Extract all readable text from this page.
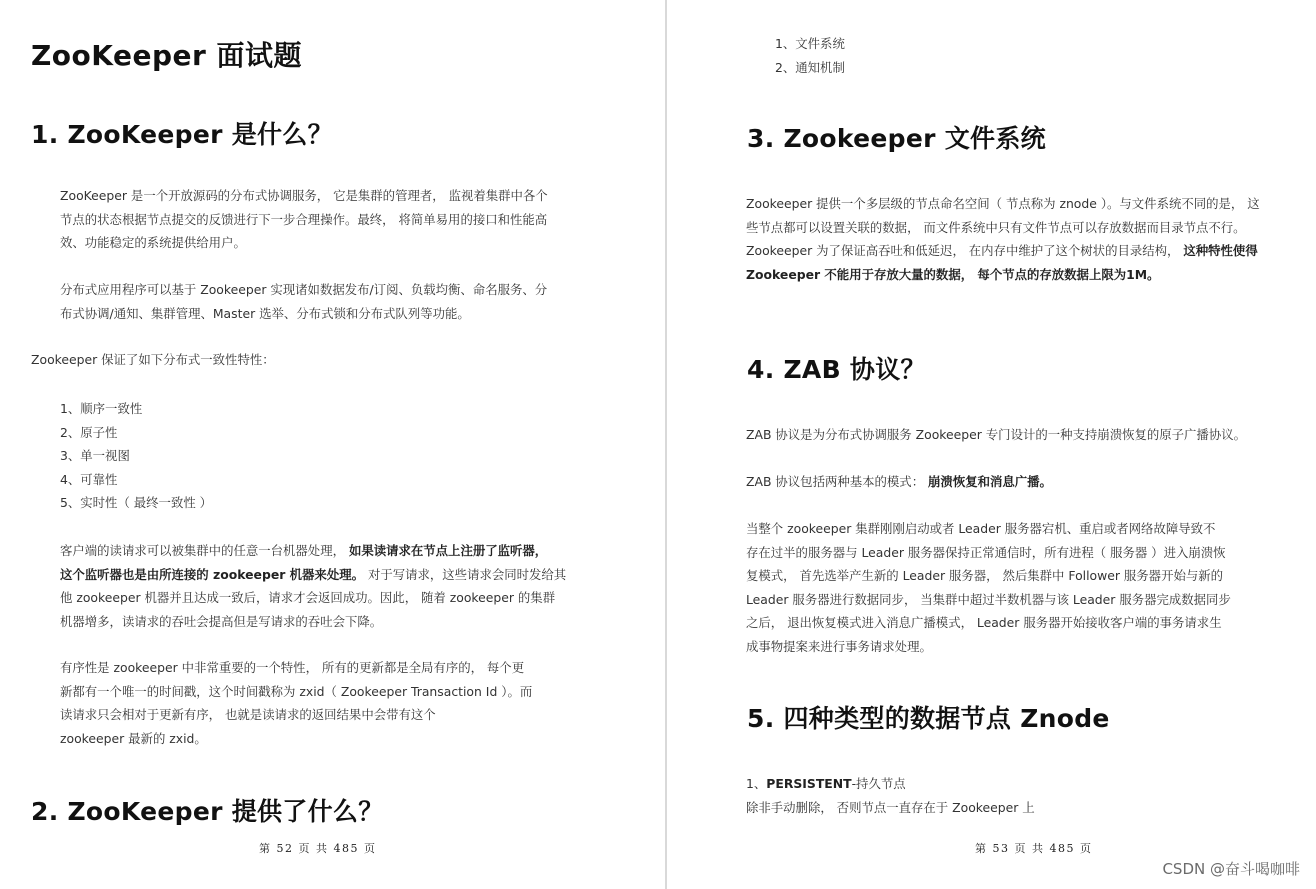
ZooKeeper 面试题
1. ZooKeeper 是什么？
ZooKeeper 是一个开放源码的分布式协调服务， 它是集群的管理者， 监视着集群中各个
节点的状态根据节点提交的反馈进行下一步合理操作。最终， 将简单易用的接口和性能高
效、功能稳定的系统提供给用户。
分布式应用程序可以基于 Zookeeper 实现诸如数据发布/订阅、负载均衡、命名服务、分
布式协调/通知、集群管理、Master 选举、分布式锁和分布式队列等功能。
Zookeeper 保证了如下分布式一致性特性：
1、顺序一致性
2、原子性
3、单一视图
4、可靠性
5、实时性（ 最终一致性 ）
客户端的读请求可以被集群中的任意一台机器处理， 如果读请求在节点上注册了监听器，
这个监听器也是由所连接的 zookeeper 机器来处理。 对于写请求，这些请求会同时发给其
他 zookeeper 机器并且达成一致后，请求才会返回成功。因此， 随着 zookeeper 的集群
机器增多，读请求的吞吐会提高但是写请求的吞吐会下降。
有序性是 zookeeper 中非常重要的一个特性， 所有的更新都是全局有序的， 每个更
新都有一个唯一的时间戳，这个时间戳称为 zxid（ Zookeeper Transaction Id ）。而
读请求只会相对于更新有序， 也就是读请求的返回结果中会带有这个
zookeeper 最新的 zxid。
2. ZooKeeper 提供了什么？
第 52 页 共 485 页
1、文件系统
2、通知机制
3. Zookeeper 文件系统
Zookeeper 提供一个多层级的节点命名空间（ 节点称为 znode ）。与文件系统不同的是， 这
些节点都可以设置关联的数据， 而文件系统中只有文件节点可以存放数据而目录节点不行。
Zookeeper 为了保证高吞吐和低延迟， 在内存中维护了这个树状的目录结构， 这种特性使得
Zookeeper 不能用于存放大量的数据， 每个节点的存放数据上限为1M。
4. ZAB 协议？
ZAB 协议是为分布式协调服务 Zookeeper 专门设计的一种支持崩溃恢复的原子广播协议。
ZAB 协议包括两种基本的模式： 崩溃恢复和消息广播。
当整个 zookeeper 集群刚刚启动或者 Leader 服务器宕机、重启或者网络故障导致不
存在过半的服务器与 Leader 服务器保持正常通信时，所有进程（ 服务器 ）进入崩溃恢
复模式， 首先选举产生新的 Leader 服务器， 然后集群中 Follower 服务器开始与新的
Leader 服务器进行数据同步， 当集群中超过半数机器与该 Leader 服务器完成数据同步
之后， 退出恢复模式进入消息广播模式， Leader 服务器开始接收客户端的事务请求生
成事物提案来进行事务请求处理。
5. 四种类型的数据节点 Znode
1、PERSISTENT-持久节点
除非手动删除， 否则节点一直存在于 Zookeeper 上
第 53 页 共 485 页
CSDN @奋斗喝咖啡
